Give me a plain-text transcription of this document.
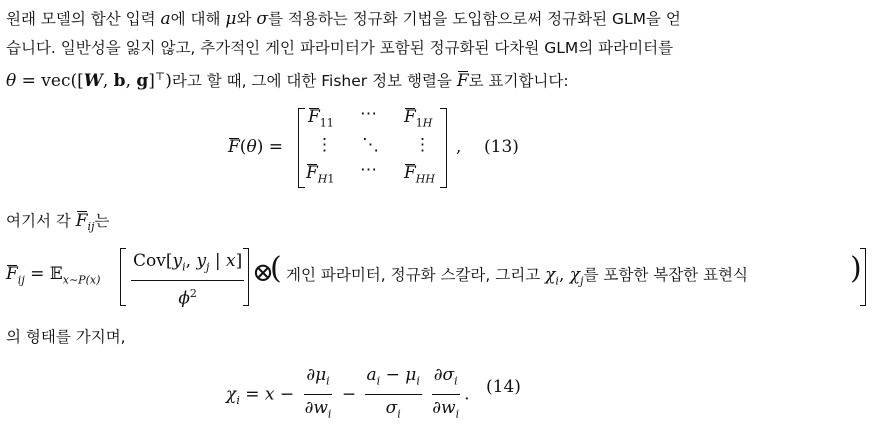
원래 모델의 합산 입력 a에 대해 μ와 σ를 적용하는 정규화 기법을 도입함으로써 정규화된 GLM을 얻
습니다. 일반성을 잃지 않고, 추가적인 게인 파라미터가 포함된 정규화된 다차원 GLM의 파라미터를
θ = vec([W, b, g]⊤)라고 할 때, 그에 대한 Fisher 정보 행렬을 F로 표기합니다:
F(θ) =
$F_{11}$ ⋯ $F_{1H}$
⋮ ⋱ ⋮
$F_{H1}$ ⋯ $F_{HH}$
, (13)
여기서 각 $F_{ij}$는
$F_{ij}$ = 𝔼$_{x\sim P(x)}$ $\frac{Cov[y_i, y_j | x]}{\phi^2}$ ⊗
( 게인 파라미터, 정규화 스칼라, 그리고 $\chi_i$, $\chi_j$를 포함한 복잡한 표현식	)
의 형태를 가지며,
$\chi_i = x - \frac{\partial\mu_i}{\partial w_i} - \frac{a_i - \mu_i}{\sigma_i}$
$\frac{\partial\sigma_i}{\partial w_i}$ . (14)
